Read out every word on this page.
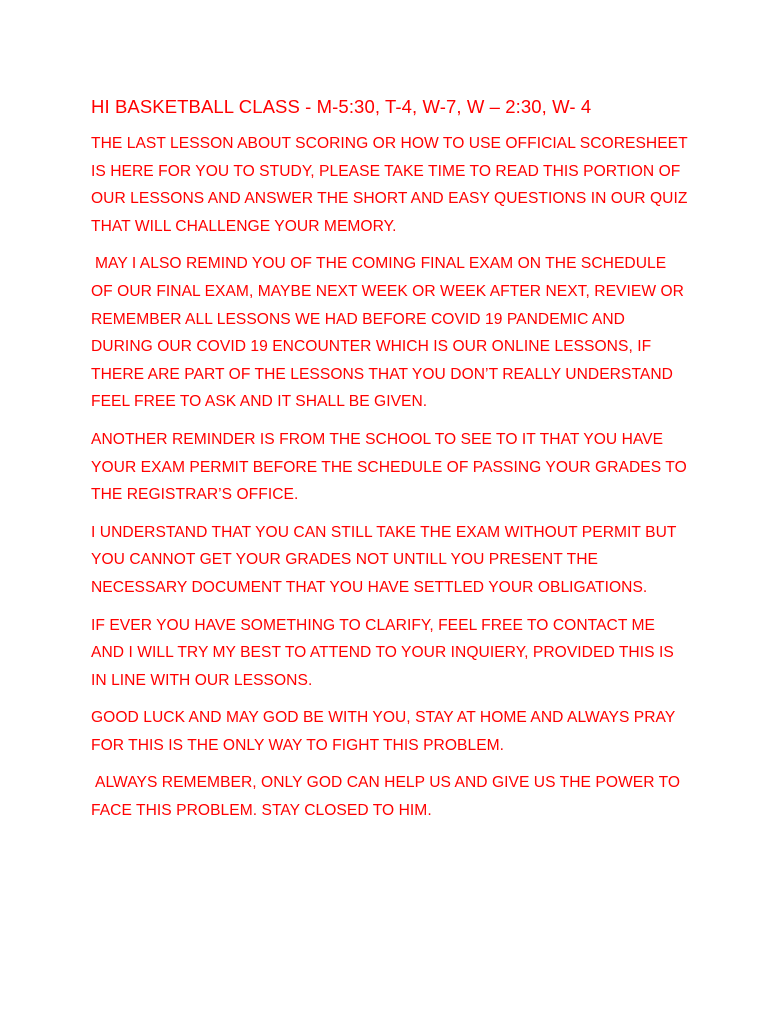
HI BASKETBALL CLASS - M-5:30, T-4, W-7, W – 2:30, W- 4

THE LAST LESSON ABOUT SCORING OR HOW TO USE OFFICIAL SCORESHEET IS HERE FOR YOU TO STUDY, PLEASE TAKE TIME TO READ THIS PORTION OF OUR LESSONS AND ANSWER THE SHORT AND EASY QUESTIONS IN OUR QUIZ THAT WILL CHALLENGE YOUR MEMORY.

MAY I ALSO REMIND YOU OF THE COMING FINAL EXAM ON THE SCHEDULE OF OUR FINAL EXAM, MAYBE NEXT WEEK OR WEEK AFTER NEXT, REVIEW OR REMEMBER ALL LESSONS WE HAD BEFORE COVID 19 PANDEMIC AND DURING OUR COVID 19 ENCOUNTER WHICH IS OUR ONLINE LESSONS, IF THERE ARE PART OF THE LESSONS THAT YOU DON’T REALLY UNDERSTAND FEEL FREE TO ASK AND IT SHALL BE GIVEN.

ANOTHER REMINDER IS FROM THE SCHOOL TO SEE TO IT THAT YOU HAVE YOUR EXAM PERMIT BEFORE THE SCHEDULE OF PASSING YOUR GRADES TO THE REGISTRAR’S OFFICE.

I UNDERSTAND THAT YOU CAN STILL TAKE THE EXAM WITHOUT PERMIT BUT YOU CANNOT GET YOUR GRADES NOT UNTILL YOU PRESENT THE NECESSARY DOCUMENT THAT YOU HAVE SETTLED YOUR OBLIGATIONS.

IF EVER YOU HAVE SOMETHING TO CLARIFY, FEEL FREE TO CONTACT ME AND I WILL TRY MY BEST TO ATTEND TO YOUR INQUIERY, PROVIDED THIS IS IN LINE WITH OUR LESSONS.

GOOD LUCK AND MAY GOD BE WITH YOU, STAY AT HOME AND ALWAYS PRAY FOR THIS IS THE ONLY WAY TO FIGHT THIS PROBLEM.

ALWAYS REMEMBER, ONLY GOD CAN HELP US AND GIVE US THE POWER TO FACE THIS PROBLEM. STAY CLOSED TO HIM.
